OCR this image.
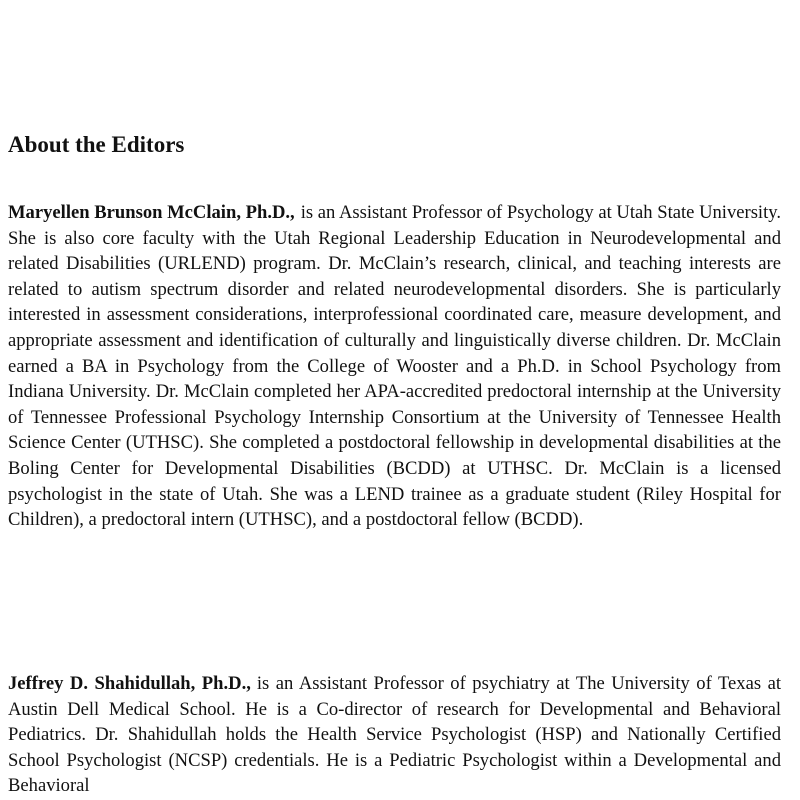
About the Editors

Maryellen Brunson McClain, Ph.D., is an Assistant Professor of Psychology at Utah State University. She is also core faculty with the Utah Regional Leadership Education in Neurodevelopmental and related Disabilities (URLEND) program. Dr. McClain’s research, clinical, and teaching interests are related to autism spectrum disorder and related neurodevelopmental disorders. She is particularly interested in assessment considerations, interprofessional coordinated care, measure development, and appropriate assessment and identification of culturally and linguistically diverse children. Dr. McClain earned a BA in Psychology from the College of Wooster and a Ph.D. in School Psychology from Indiana University. Dr. McClain completed her APA-accredited predoctoral internship at the University of Tennessee Professional Psychology Internship Consortium at the University of Tennessee Health Science Center (UTHSC). She completed a postdoctoral fellowship in developmental disabilities at the Boling Center for Developmental Disabilities (BCDD) at UTHSC. Dr. McClain is a licensed psychologist in the state of Utah. She was a LEND trainee as a graduate student (Riley Hospital for Children), a predoctoral intern (UTHSC), and a postdoctoral fellow (BCDD).

Jeffrey D. Shahidullah, Ph.D., is an Assistant Professor of psychiatry at The University of Texas at Austin Dell Medical School. He is a Co-director of research for Developmental and Behavioral Pediatrics. Dr. Shahidullah holds the Health Service Psychologist (HSP) and Nationally Certified School Psychologist (NCSP) credentials. He is a Pediatric Psychologist within a Developmental and Behavioral
